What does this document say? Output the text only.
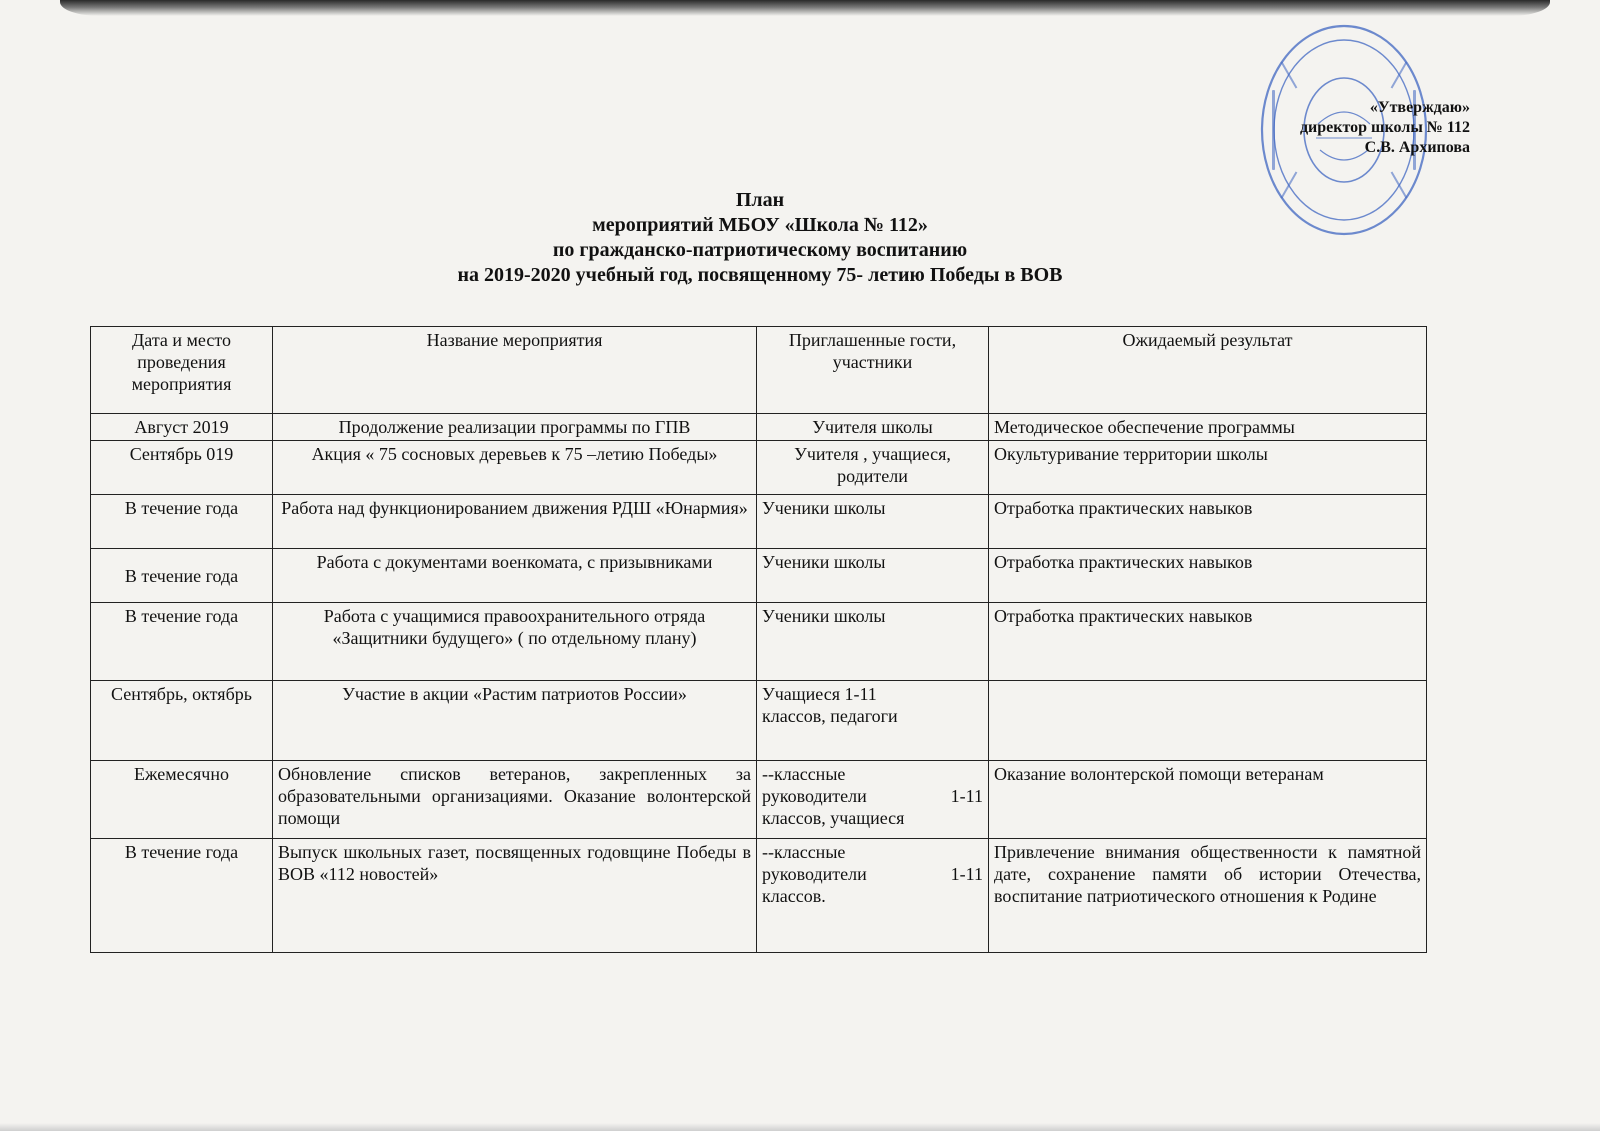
«Утверждаю»
директор школы № 112
С.В. Архипова
План
мероприятий МБОУ «Школа № 112»
по гражданско-патриотическому воспитанию
на 2019-2020 учебный год, посвященному 75- летию Победы в ВОВ
Дата и место проведения мероприятия	Название мероприятия	Приглашенные гости, участники	Ожидаемый результат
Август 2019	Продолжение реализации программы по ГПВ	Учителя школы	Методическое обеспечение программы
Сентябрь 019	Акция « 75 сосновых деревьев к 75 –летию Победы»	Учителя , учащиеся, родители	Окультуривание территории школы
В течение года	Работа над функционированием движения РДШ «Юнармия»	Ученики школы	Отработка практических навыков
В течение года	Работа с документами военкомата, с призывниками	Ученики школы	Отработка практических навыков
В течение года	Работа с учащимися правоохранительного отряда «Защитники будущего» ( по отдельному плану)	Ученики школы	Отработка практических навыков
Сентябрь, октябрь	Участие в акции «Растим патриотов России»	Учащиеся 1-11 классов, педагоги	
Ежемесячно	Обновление списков ветеранов, закрепленных за образовательными организациями. Оказание волонтерской помощи	--классные
руководители 1-11
классов, учащиеся	Оказание волонтерской помощи ветеранам
В течение года	Выпуск школьных газет, посвященных годовщине Победы в ВОВ «112 новостей»	--классные
руководители 1-11
классов.	Привлечение внимания общественности к памятной дате, сохранение памяти об истории Отечества, воспитание патриотического отношения к Родине
